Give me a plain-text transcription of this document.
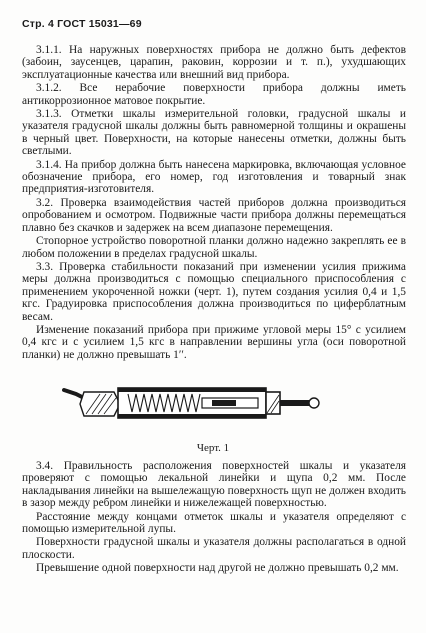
Стр. 4 ГОСТ 15031—69

3.1.1. На наружных поверхностях прибора не должно быть дефектов (забоин, заусенцев, царапин, раковин, коррозии и т. п.), ухудшающих эксплуатационные качества или внешний вид прибора.

3.1.2. Все нерабочие поверхности прибора должны иметь антикоррозионное матовое покрытие.

3.1.3. Отметки шкалы измерительной головки, градусной шкалы и указателя градусной шкалы должны быть равномерной толщины и окрашены в черный цвет. Поверхности, на которые нанесены отметки, должны быть светлыми.

3.1.4. На прибор должна быть нанесена маркировка, включающая условное обозначение прибора, его номер, год изготовления и товарный знак предприятия-изготовителя.

3.2. Проверка взаимодействия частей приборов должна производиться опробованием и осмотром. Подвижные части прибора должны перемещаться плавно без скачков и задержек на всем диапазоне перемещения.

Стопорное устройство поворотной планки должно надежно закреплять ее в любом положении в пределах градусной шкалы.

3.3. Проверка стабильности показаний при изменении усилия прижима меры должна производиться с помощью специального приспособления с применением укороченной ножки (черт. 1), путем создания усилия 0,4 и 1,5 кгс. Градуировка приспособления должна производиться по циферблатным весам.

Изменение показаний прибора при прижиме угловой меры 15° с усилием 0,4 кгс и с усилием 1,5 кгс в направлении вершины угла (оси поворотной планки) не должно превышать 1′′.

Черт. 1

3.4. Правильность расположения поверхностей шкалы и указателя проверяют с помощью лекальной линейки и щупа 0,2 мм. После накладывания линейки на вышележащую поверхность щуп не должен входить в зазор между ребром линейки и нижележащей поверхностью.

Расстояние между концами отметок шкалы и указателя определяют с помощью измерительной лупы.

Поверхности градусной шкалы и указателя должны располагаться в одной плоскости.

Превышение одной поверхности над другой не должно превышать 0,2 мм.
